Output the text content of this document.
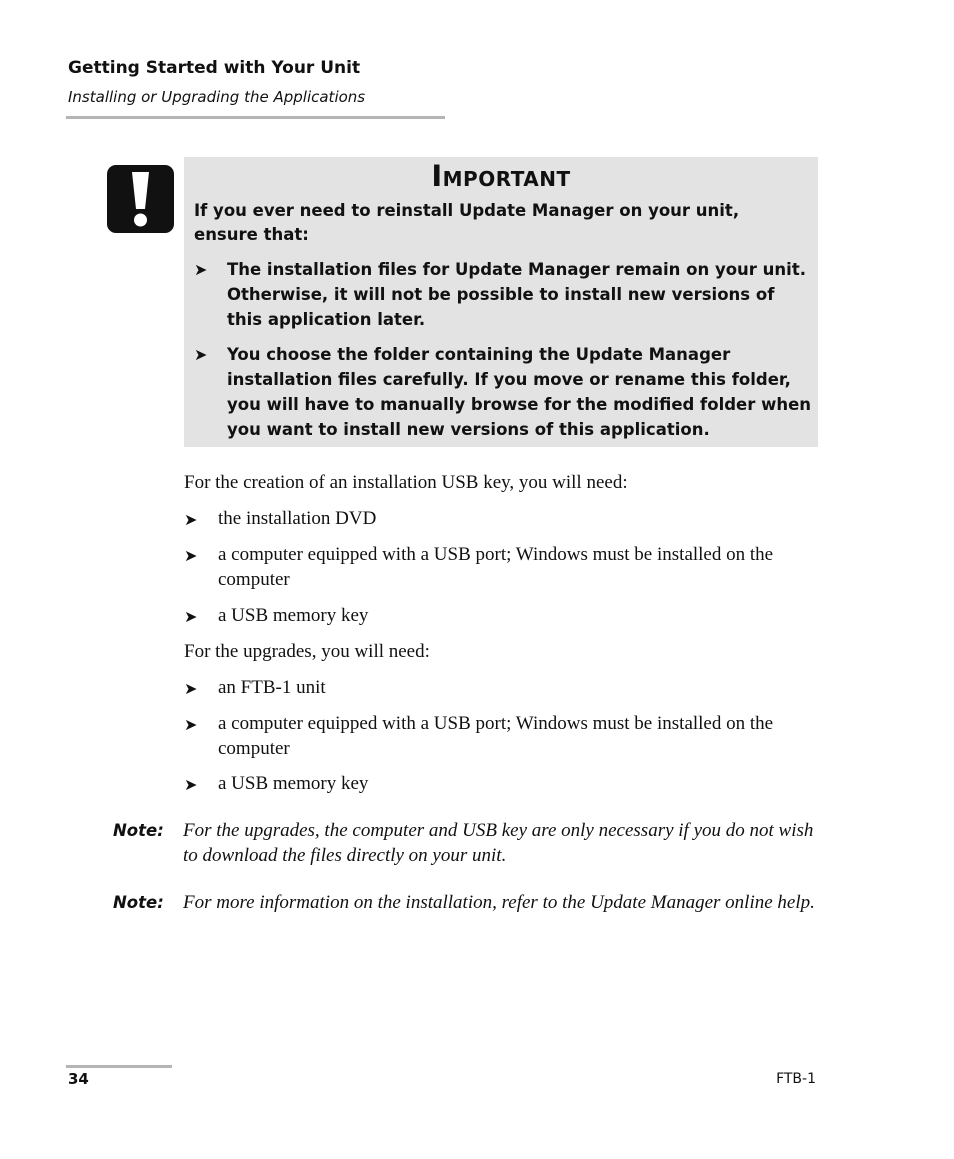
Getting Started with Your Unit
Installing or Upgrading the Applications
Important
If you ever need to reinstall Update Manager on your unit, ensure that:
➤ The installation files for Update Manager remain on your unit. Otherwise, it will not be possible to install new versions of this application later.
➤ You choose the folder containing the Update Manager installation files carefully. If you move or rename this folder, you will have to manually browse for the modified folder when you want to install new versions of this application.
For the creation of an installation USB key, you will need:
➤ the installation DVD
➤ a computer equipped with a USB port; Windows must be installed on the computer
➤ a USB memory key
For the upgrades, you will need:
➤ an FTB-1 unit
➤ a computer equipped with a USB port; Windows must be installed on the computer
➤ a USB memory key
Note: For the upgrades, the computer and USB key are only necessary if you do not wish to download the files directly on your unit.
Note: For more information on the installation, refer to the Update Manager online help.
34	FTB-1
